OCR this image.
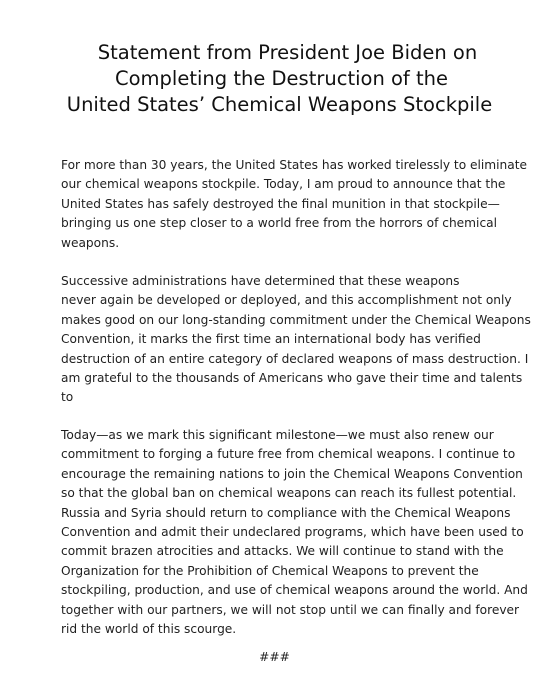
Statement from President Joe Biden on
Completing the Destruction of the
United States’ Chemical Weapons Stockpile

For more than 30 years, the United States has worked tirelessly to eliminate
our chemical weapons stockpile. Today, I am proud to announce that the
United States has safely destroyed the final munition in that stockpile—
bringing us one step closer to a world free from the horrors of chemical
weapons.

Successive administrations have determined that these weapons
never again be developed or deployed, and this accomplishment not only
makes good on our long-standing commitment under the Chemical Weapons
Convention, it marks the first time an international body has verified
destruction of an entire category of declared weapons of mass destruction. I
am grateful to the thousands of Americans who gave their time and talents
to

Today—as we mark this significant milestone—we must also renew our
commitment to forging a future free from chemical weapons. I continue to
encourage the remaining nations to join the Chemical Weapons Convention
so that the global ban on chemical weapons can reach its fullest potential.
Russia and Syria should return to compliance with the Chemical Weapons
Convention and admit their undeclared programs, which have been used to
commit brazen atrocities and attacks. We will continue to stand with the
Organization for the Prohibition of Chemical Weapons to prevent the
stockpiling, production, and use of chemical weapons around the world. And
together with our partners, we will not stop until we can finally and forever
rid the world of this scourge.

###
